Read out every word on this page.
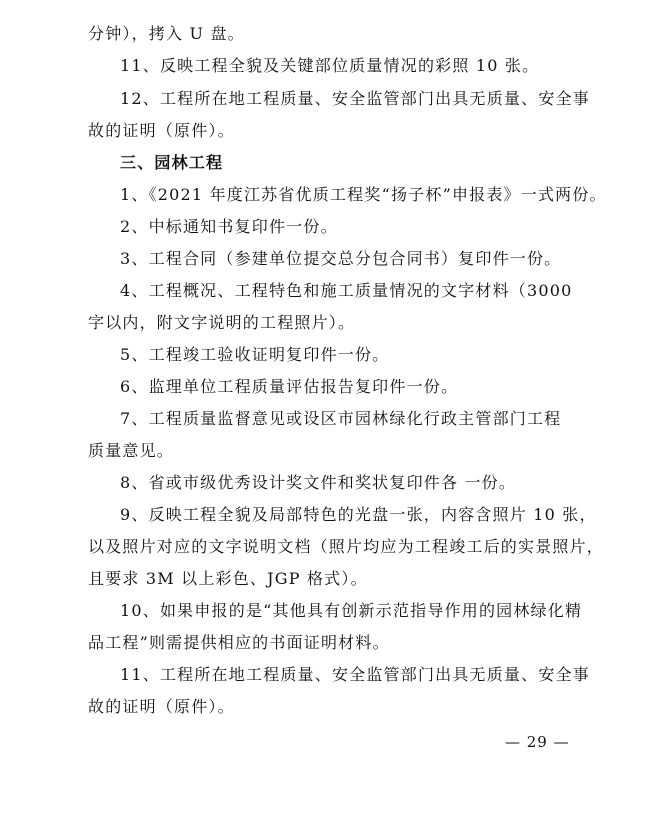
分钟），拷入 U 盘。
11、反映工程全貌及关键部位质量情况的彩照 10 张。
12、工程所在地工程质量、安全监管部门出具无质量、安全事
故的证明（原件）。
三、园林工程
1、《2021 年度江苏省优质工程奖“扬子杯”申报表》一式两份。
2、中标通知书复印件一份。
3、工程合同（参建单位提交总分包合同书）复印件一份。
4、工程概况、工程特色和施工质量情况的文字材料（3000
字以内，附文字说明的工程照片）。
5、工程竣工验收证明复印件一份。
6、监理单位工程质量评估报告复印件一份。
7、工程质量监督意见或设区市园林绿化行政主管部门工程
质量意见。
8、省或市级优秀设计奖文件和奖状复印件各 一份。
9、反映工程全貌及局部特色的光盘一张，内容含照片 10 张，
以及照片对应的文字说明文档（照片均应为工程竣工后的实景照片，
且要求 3M 以上彩色、JGP 格式）。
10、如果申报的是“其他具有创新示范指导作用的园林绿化精
品工程”则需提供相应的书面证明材料。
11、工程所在地工程质量、安全监管部门出具无质量、安全事
故的证明（原件）。
— 29 —
